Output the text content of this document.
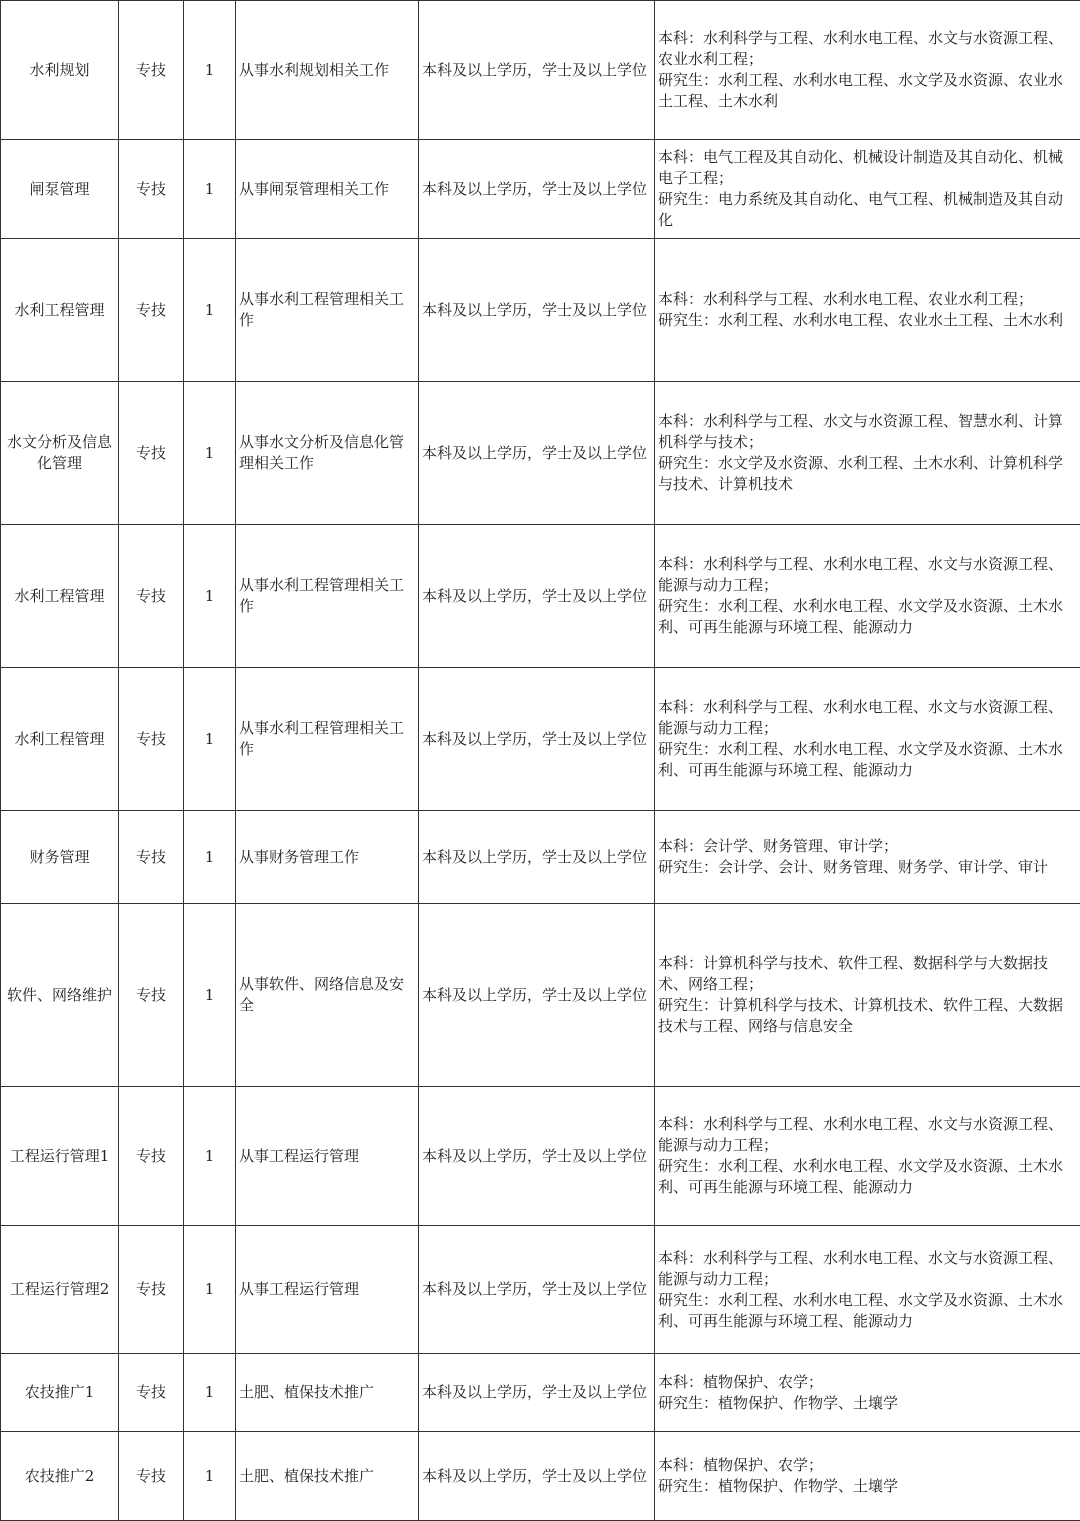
水利规划	专技	1	从事水利规划相关工作	本科及以上学历，学士及以上学位	本科：水利科学与工程、水利水电工程、水文与水资源工程、农业水利工程；
研究生：水利工程、水利水电工程、水文学及水资源、农业水土工程、土木水利

闸泵管理	专技	1	从事闸泵管理相关工作	本科及以上学历，学士及以上学位	本科：电气工程及其自动化、机械设计制造及其自动化、机械电子工程；
研究生：电力系统及其自动化、电气工程、机械制造及其自动化

水利工程管理	专技	1	从事水利工程管理相关工作	本科及以上学历，学士及以上学位	本科：水利科学与工程、水利水电工程、农业水利工程；
研究生：水利工程、水利水电工程、农业水土工程、土木水利

水文分析及信息化管理	专技	1	从事水文分析及信息化管理相关工作	本科及以上学历，学士及以上学位	本科：水利科学与工程、水文与水资源工程、智慧水利、计算机科学与技术；
研究生：水文学及水资源、水利工程、土木水利、计算机科学与技术、计算机技术

水利工程管理	专技	1	从事水利工程管理相关工作	本科及以上学历，学士及以上学位	本科：水利科学与工程、水利水电工程、水文与水资源工程、能源与动力工程；
研究生：水利工程、水利水电工程、水文学及水资源、土木水利、可再生能源与环境工程、能源动力

水利工程管理	专技	1	从事水利工程管理相关工作	本科及以上学历，学士及以上学位	本科：水利科学与工程、水利水电工程、水文与水资源工程、能源与动力工程；
研究生：水利工程、水利水电工程、水文学及水资源、土木水利、可再生能源与环境工程、能源动力

财务管理	专技	1	从事财务管理工作	本科及以上学历，学士及以上学位	本科：会计学、财务管理、审计学；
研究生：会计学、会计、财务管理、财务学、审计学、审计

软件、网络维护	专技	1	从事软件、网络信息及安全	本科及以上学历，学士及以上学位	本科：计算机科学与技术、软件工程、数据科学与大数据技术、网络工程；
研究生：计算机科学与技术、计算机技术、软件工程、大数据技术与工程、网络与信息安全

工程运行管理1	专技	1	从事工程运行管理	本科及以上学历，学士及以上学位	本科：水利科学与工程、水利水电工程、水文与水资源工程、能源与动力工程；
研究生：水利工程、水利水电工程、水文学及水资源、土木水利、可再生能源与环境工程、能源动力

工程运行管理2	专技	1	从事工程运行管理	本科及以上学历，学士及以上学位	本科：水利科学与工程、水利水电工程、水文与水资源工程、能源与动力工程；
研究生：水利工程、水利水电工程、水文学及水资源、土木水利、可再生能源与环境工程、能源动力

农技推广1	专技	1	土肥、植保技术推广	本科及以上学历，学士及以上学位	本科：植物保护、农学；
研究生：植物保护、作物学、土壤学

农技推广2	专技	1	土肥、植保技术推广	本科及以上学历，学士及以上学位	本科：植物保护、农学；
研究生：植物保护、作物学、土壤学
